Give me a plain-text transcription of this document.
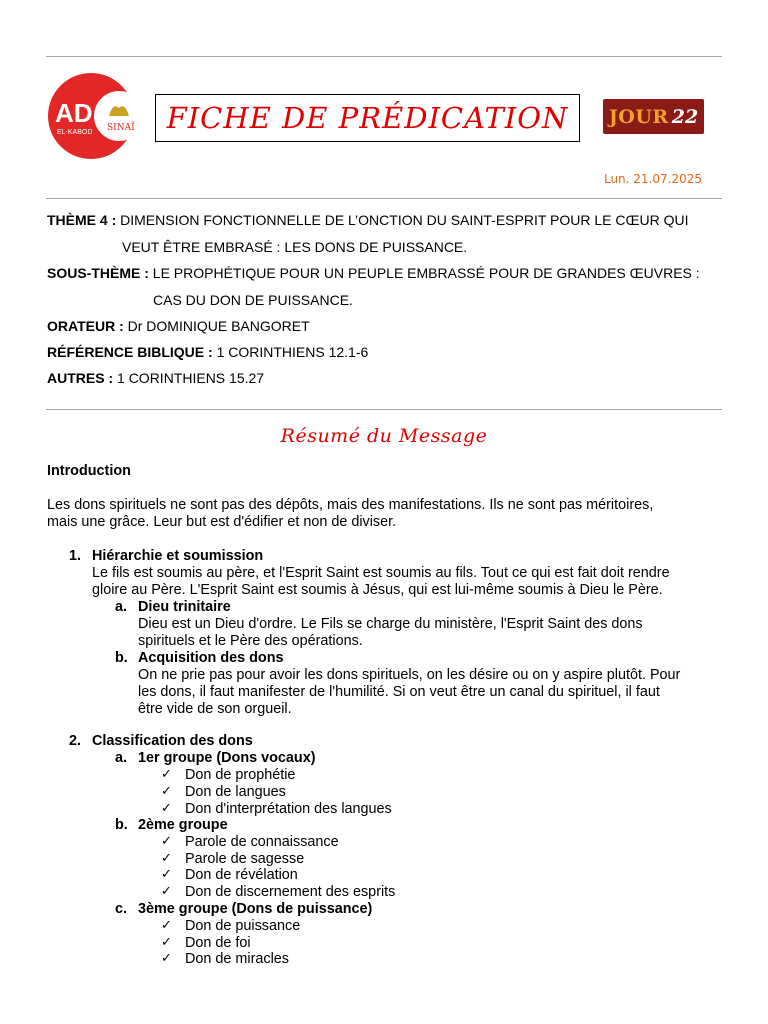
AD
EL-KABOD SINAÏ FICHE DE PRÉDICATION JOUR 22
Lun. 21.07.2025
THÈME 4 : DIMENSION FONCTIONNELLE DE L’ONCTION DU SAINT-ESPRIT POUR LE CŒUR QUI
VEUT ÊTRE EMBRASÉ : LES DONS DE PUISSANCE.
SOUS-THÈME : LE PROPHÉTIQUE POUR UN PEUPLE EMBRASSÉ POUR DE GRANDES ŒUVRES :
CAS DU DON DE PUISSANCE.
ORATEUR : Dr DOMINIQUE BANGORET
RÉFÉRENCE BIBLIQUE : 1 CORINTHIENS 12.1-6
AUTRES : 1 CORINTHIENS 15.27
Résumé du Message
Introduction
Les dons spirituels ne sont pas des dépôts, mais des manifestations. Ils ne sont pas méritoires,
mais une grâce. Leur but est d'édifier et non de diviser.
1. Hiérarchie et soumission
Le fils est soumis au père, et l'Esprit Saint est soumis au fils. Tout ce qui est fait doit rendre
gloire au Père. L'Esprit Saint est soumis à Jésus, qui est lui-même soumis à Dieu le Père.
a. Dieu trinitaire
Dieu est un Dieu d'ordre. Le Fils se charge du ministère, l'Esprit Saint des dons
spirituels et le Père des opérations.
b. Acquisition des dons
On ne prie pas pour avoir les dons spirituels, on les désire ou on y aspire plutôt. Pour
les dons, il faut manifester de l'humilité. Si on veut être un canal du spirituel, il faut
être vide de son orgueil.
2. Classification des dons
a. 1er groupe (Dons vocaux)
✓ Don de prophétie
✓ Don de langues
✓ Don d'interprétation des langues
b. 2ème groupe
✓ Parole de connaissance
✓ Parole de sagesse
✓ Don de révélation
✓ Don de discernement des esprits
c. 3ème groupe (Dons de puissance)
✓ Don de puissance
✓ Don de foi
✓ Don de miracles
